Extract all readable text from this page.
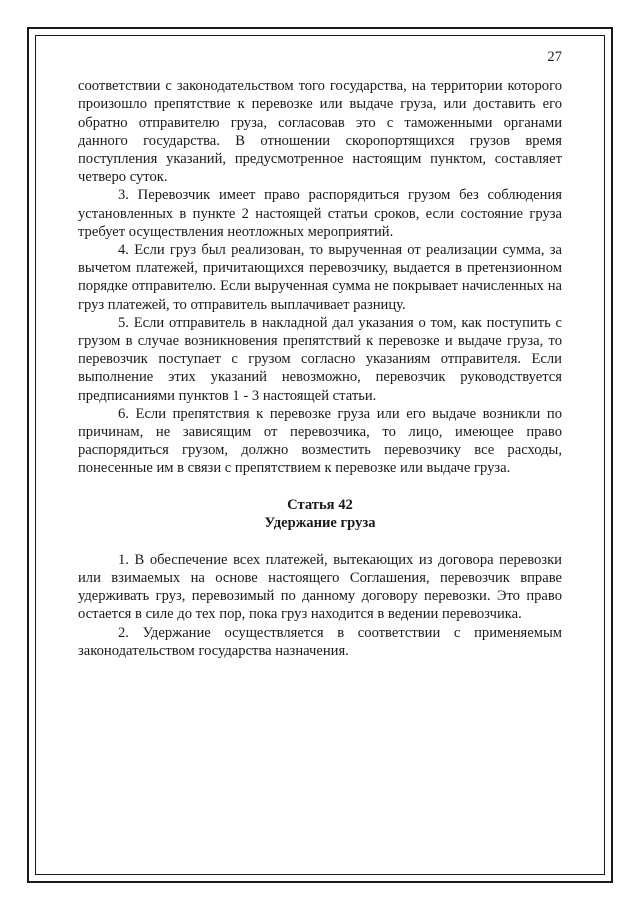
27

соответствии с законодательством того государства, на территории которого произошло препятствие к перевозке или выдаче груза, или доставить его обратно отправителю груза, согласовав это с таможенными органами данного государства. В отношении скоропортящихся грузов время поступления указаний, предусмотренное настоящим пунктом, составляет четверо суток.

3. Перевозчик имеет право распорядиться грузом без соблюдения установленных в пункте 2 настоящей статьи сроков, если состояние груза требует осуществления неотложных мероприятий.

4. Если груз был реализован, то вырученная от реализации сумма, за вычетом платежей, причитающихся перевозчику, выдается в претензионном порядке отправителю. Если вырученная сумма не покрывает начисленных на груз платежей, то отправитель выплачивает разницу.

5. Если отправитель в накладной дал указания о том, как поступить с грузом в случае возникновения препятствий к перевозке и выдаче груза, то перевозчик поступает с грузом согласно указаниям отправителя. Если выполнение этих указаний невозможно, перевозчик руководствуется предписаниями пунктов 1 - 3 настоящей статьи.

6. Если препятствия к перевозке груза или его выдаче возникли по причинам, не зависящим от перевозчика, то лицо, имеющее право распорядиться грузом, должно возместить перевозчику все расходы, понесенные им в связи с препятствием к перевозке или выдаче груза.

Статья 42
Удержание груза

1. В обеспечение всех платежей, вытекающих из договора перевозки или взимаемых на основе настоящего Соглашения, перевозчик вправе удерживать груз, перевозимый по данному договору перевозки. Это право остается в силе до тех пор, пока груз находится в ведении перевозчика.

2. Удержание осуществляется в соответствии с применяемым законодательством государства назначения.
